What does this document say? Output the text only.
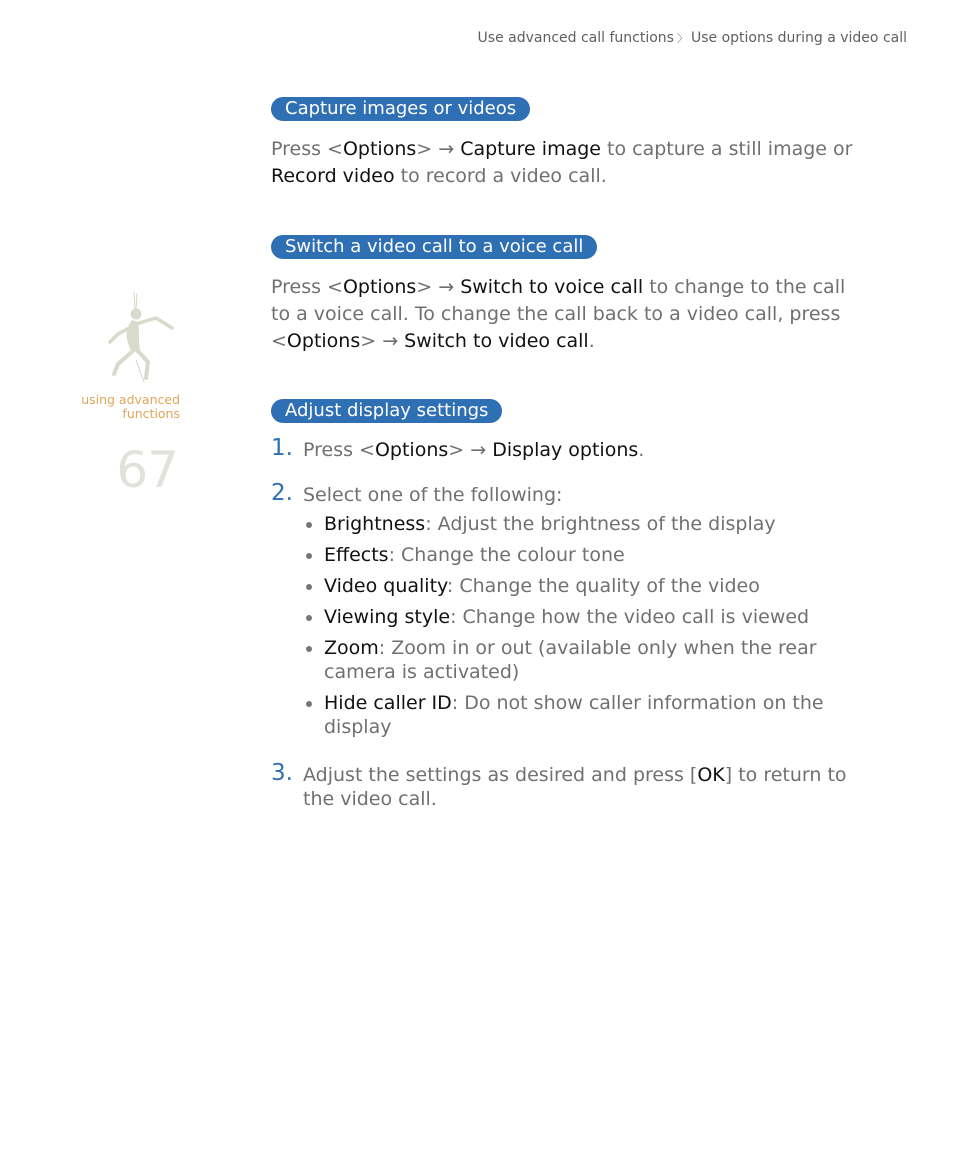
Use advanced call functions 〉 Use options during a video call
using advanced
functions
67
Capture images or videos
Press <Options> → Capture image to capture a still image or Record video to record a video call.
Switch a video call to a voice call
Press <Options> → Switch to voice call to change to the call to a voice call. To change the call back to a video call, press <Options> → Switch to video call.
Adjust display settings
1. Press <Options> → Display options.
2. Select one of the following:
Brightness: Adjust the brightness of the display
Effects: Change the colour tone
Video quality: Change the quality of the video
Viewing style: Change how the video call is viewed
Zoom: Zoom in or out (available only when the rear camera is activated)
Hide caller ID: Do not show caller information on the display
3. Adjust the settings as desired and press [OK] to return to the video call.
